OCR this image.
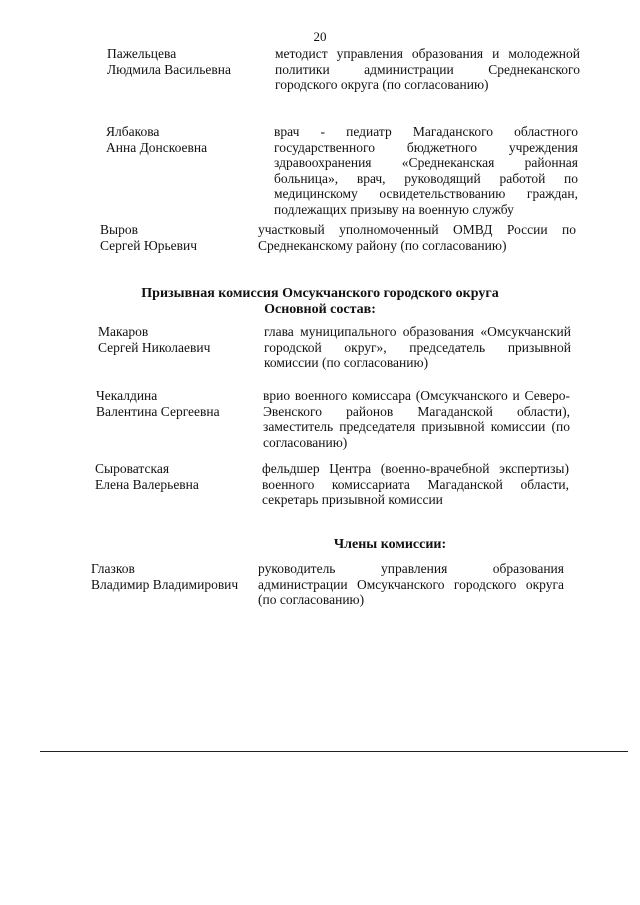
20
Пажельцева
Людмила Васильевна
методист управления образования и молодежной политики администрации Среднеканского городского округа (по согласованию)
Ялбакова
Анна Донскоевна
врач - педиатр Магаданского областного государственного бюджетного учреждения здравоохранения «Среднеканская районная больница», врач, руководящий работой по медицинскому освидетельствованию граждан, подлежащих призыву на военную службу
Выров
Сергей Юрьевич
участковый уполномоченный ОМВД России по Среднеканскому району (по согласованию)
Призывная комиссия Омсукчанского городского округа
Основной состав:
Макаров
Сергей Николаевич
глава муниципального образования «Омсукчанский городской округ», председатель призывной комиссии (по согласованию)
Чекалдина
Валентина Сергеевна
врио военного комиссара (Омсукчанского и Северо-Эвенского районов Магаданской области), заместитель председателя призывной комиссии (по согласованию)
Сыроватская
Елена Валерьевна
фельдшер Центра (военно-врачебной экспертизы) военного комиссариата Магаданской области, секретарь призывной комиссии
Члены комиссии:
Глазков
Владимир Владимирович
руководитель управления образования администрации Омсукчанского городского округа (по согласованию)
